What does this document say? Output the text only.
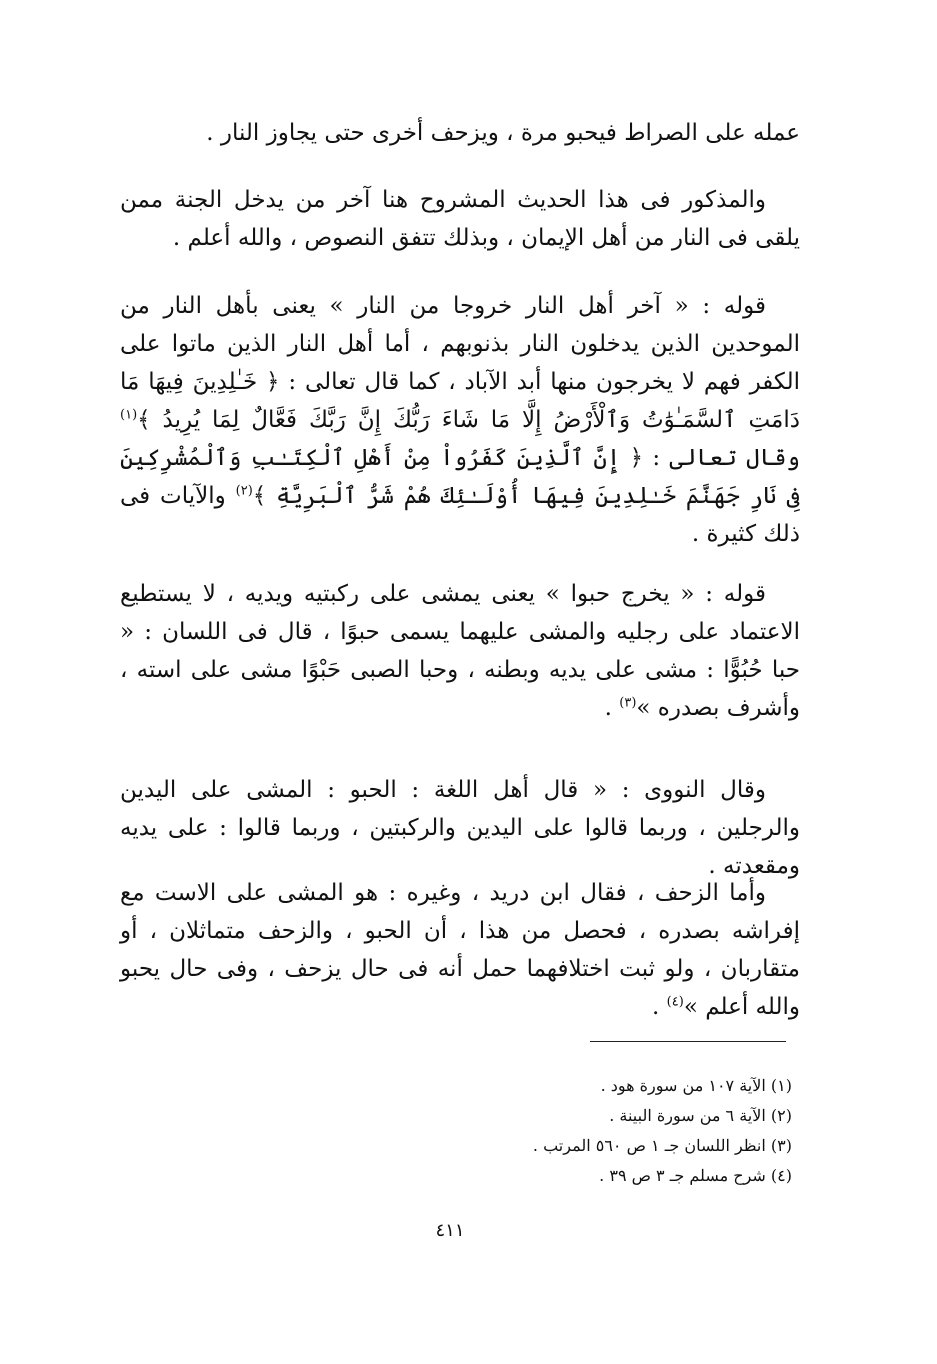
عمله على الصراط فيحبو مرة ، ويزحف أخرى حتى يجاوز النار .

والمذكور فى هذا الحديث المشروح هنا آخر من يدخل الجنة ممن يلقى فى النار من أهل الإيمان ، وبذلك تتفق النصوص ، والله أعلم .

قوله : « آخر أهل النار خروجا من النار » يعنى بأهل النار من الموحدين الذين يدخلون النار بذنوبهم ، أما أهل النار الذين ماتوا على الكفر فهم لا يخرجون منها أبد الآباد ، كما قال تعالى : ﴿ خَـٰلِدِينَ فِيهَا مَا دَامَتِ ٱلسَّمَـٰوَٰتُ وَٱلْأَرْضُ إِلَّا مَا شَاءَ رَبُّكَ إِنَّ رَبَّكَ فَعَّالٌ لِمَا يُرِيدُ ﴾$^{(١)}$ وقال تعالى : ﴿ إِنَّ ٱلَّذِينَ كَفَرُواْ مِنْ أَهْلِ ٱلْكِتَـٰبِ وَٱلْمُشْرِكِينَ فِى نَارِ جَهَنَّمَ خَـٰلِدِينَ فِيهَا أُوْلَـٰئِكَ هُمْ شَرُّ ٱلْبَرِيَّةِ ﴾$^{(٢)}$ والآيات فى ذلك كثيرة .

قوله : « يخرج حبوا » يعنى يمشى على ركبتيه ويديه ، لا يستطيع الاعتماد على رجليه والمشى عليهما يسمى حبوًا ، قال فى اللسان : « حبا حُبُوًّا : مشى على يديه وبطنه ، وحبا الصبى حَبْوًا مشى على استه ، وأشرف بصدره »$^{(٣)}$ .

وقال النووى : « قال أهل اللغة : الحبو : المشى على اليدين والرجلين ، وربما قالوا على اليدين والركبتين ، وربما قالوا : على يديه ومقعدته .

وأما الزحف ، فقال ابن دريد ، وغيره : هو المشى على الاست مع إفراشه بصدره ، فحصل من هذا ، أن الحبو ، والزحف متماثلان ، أو متقاربان ، ولو ثبت اختلافهما حمل أنه فى حال يزحف ، وفى حال يحبو والله أعلم »$^{(٤)}$ .

(١) الآية ١٠٧ من سورة هود .
(٢) الآية ٦ من سورة البينة .
(٣) انظر اللسان جـ ١ ص ٥٦٠ المرتب .
(٤) شرح مسلم جـ ٣ ص ٣٩ .
٤١١
